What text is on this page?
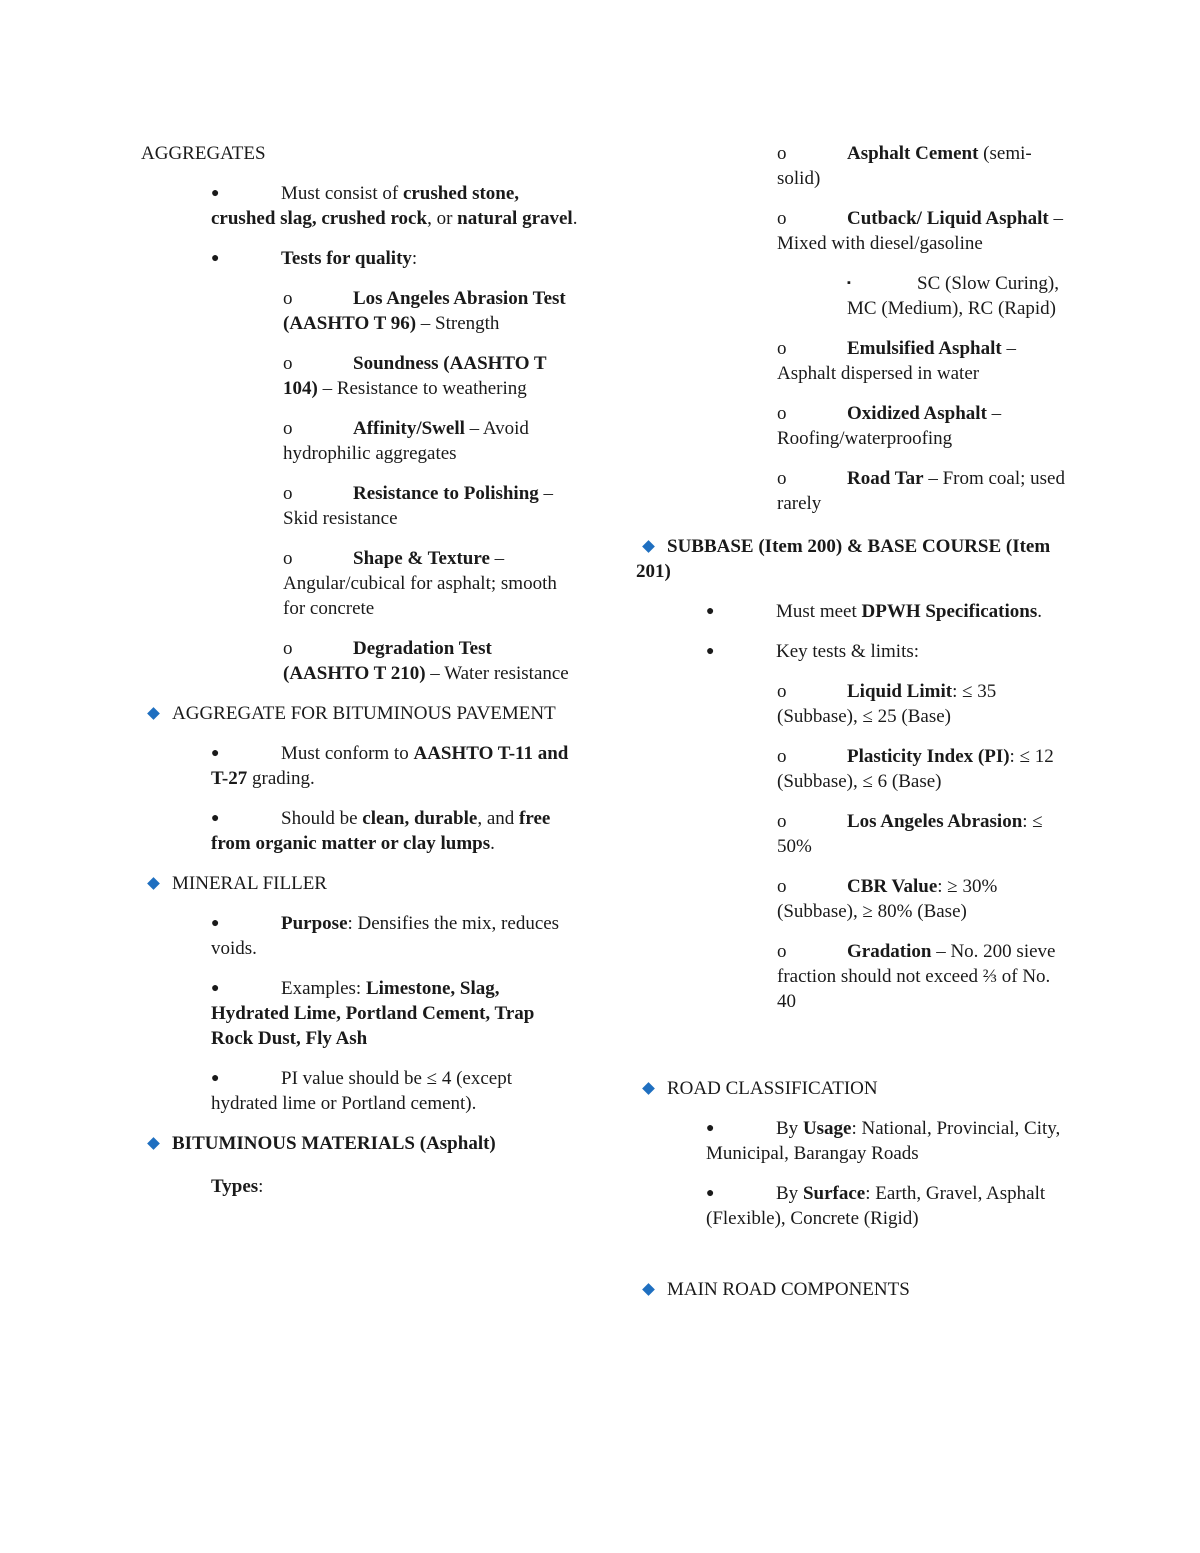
AGGREGATES

●	Must consist of crushed stone, crushed slag, crushed rock, or natural gravel.

●	Tests for quality:

o	Los Angeles Abrasion Test (AASHTO T 96) – Strength

o	Soundness (AASHTO T 104) – Resistance to weathering

o	Affinity/Swell – Avoid hydrophilic aggregates

o	Resistance to Polishing – Skid resistance

o	Shape & Texture – Angular/cubical for asphalt; smooth for concrete

o	Degradation Test (AASHTO T 210) – Water resistance

AGGREGATE FOR BITUMINOUS PAVEMENT

●	Must conform to AASHTO T-11 and T-27 grading.

●	Should be clean, durable, and free from organic matter or clay lumps.

MINERAL FILLER

●	Purpose: Densifies the mix, reduces voids.

●	Examples: Limestone, Slag, Hydrated Lime, Portland Cement, Trap Rock Dust, Fly Ash

●	PI value should be ≤ 4 (except hydrated lime or Portland cement).

BITUMINOUS MATERIALS (Asphalt)

Types:

o	Asphalt Cement (semi-solid)

o	Cutback/ Liquid Asphalt – Mixed with diesel/gasoline

▪	SC (Slow Curing), MC (Medium), RC (Rapid)

o	Emulsified Asphalt – Asphalt dispersed in water

o	Oxidized Asphalt – Roofing/waterproofing

o	Road Tar – From coal; used rarely

SUBBASE (Item 200) & BASE COURSE (Item 201)

●	Must meet DPWH Specifications.

●	Key tests & limits:

o	Liquid Limit: ≤ 35 (Subbase), ≤ 25 (Base)

o	Plasticity Index (PI): ≤ 12 (Subbase), ≤ 6 (Base)

o	Los Angeles Abrasion: ≤ 50%

o	CBR Value: ≥ 30% (Subbase), ≥ 80% (Base)

o	Gradation – No. 200 sieve fraction should not exceed ⅔ of No. 40

ROAD CLASSIFICATION

●	By Usage: National, Provincial, City, Municipal, Barangay Roads

●	By Surface: Earth, Gravel, Asphalt (Flexible), Concrete (Rigid)

MAIN ROAD COMPONENTS
